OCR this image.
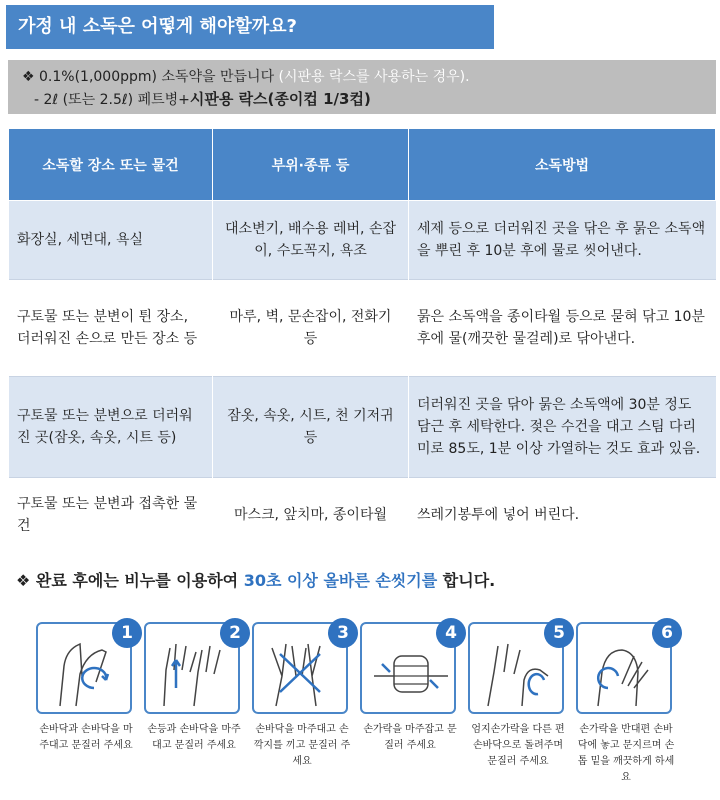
가정 내 소독은 어떻게 해야할까요?
❖ 0.1%(1,000ppm) 소독약을 만듭니다 (시판용 락스를 사용하는 경우).
- 2ℓ (또는 2.5ℓ) 페트병+시판용 락스(종이컵 1/3컵)
소독할 장소 또는 물건	부위·종류 등	소독방법
화장실, 세면대, 욕실	대소변기, 배수용 레버, 손잡이, 수도꼭지, 욕조	세제 등으로 더러워진 곳을 닦은 후 묽은 소독액을 뿌린 후 10분 후에 물로 씻어낸다.
구토물 또는 분변이 튄 장소, 더러워진 손으로 만든 장소 등	마루, 벽, 문손잡이, 전화기 등	묽은 소독액을 종이타월 등으로 묻혀 닦고 10분 후에 물(깨끗한 물걸레)로 닦아낸다.
구토물 또는 분변으로 더러워진 곳(잠옷, 속옷, 시트 등)	잠옷, 속옷, 시트, 천 기저귀 등	더러워진 곳을 닦아 묽은 소독액에 30분 정도 담근 후 세탁한다. 젖은 수건을 대고 스팀 다리미로 85도, 1분 이상 가열하는 것도 효과 있음.
구토물 또는 분변과 접촉한 물건	마스크, 앞치마, 종이타월	쓰레기봉투에 넣어 버린다.
❖ 완료 후에는 비누를 이용하여 30초 이상 올바른 손씻기를 합니다.
1
손바닥과 손바닥을 마주대고 문질러 주세요
2
손등과 손바닥을 마주대고 문질러 주세요
3
손바닥을 마주대고 손깍지를 끼고 문질러 주세요
4
손가락을 마주잡고 문질러 주세요
5
엄지손가락을 다른 편 손바닥으로 돌려주며 문질러 주세요
6
손가락을 반대편 손바닥에 놓고 문지르며 손톱 밑을 깨끗하게 하세요
